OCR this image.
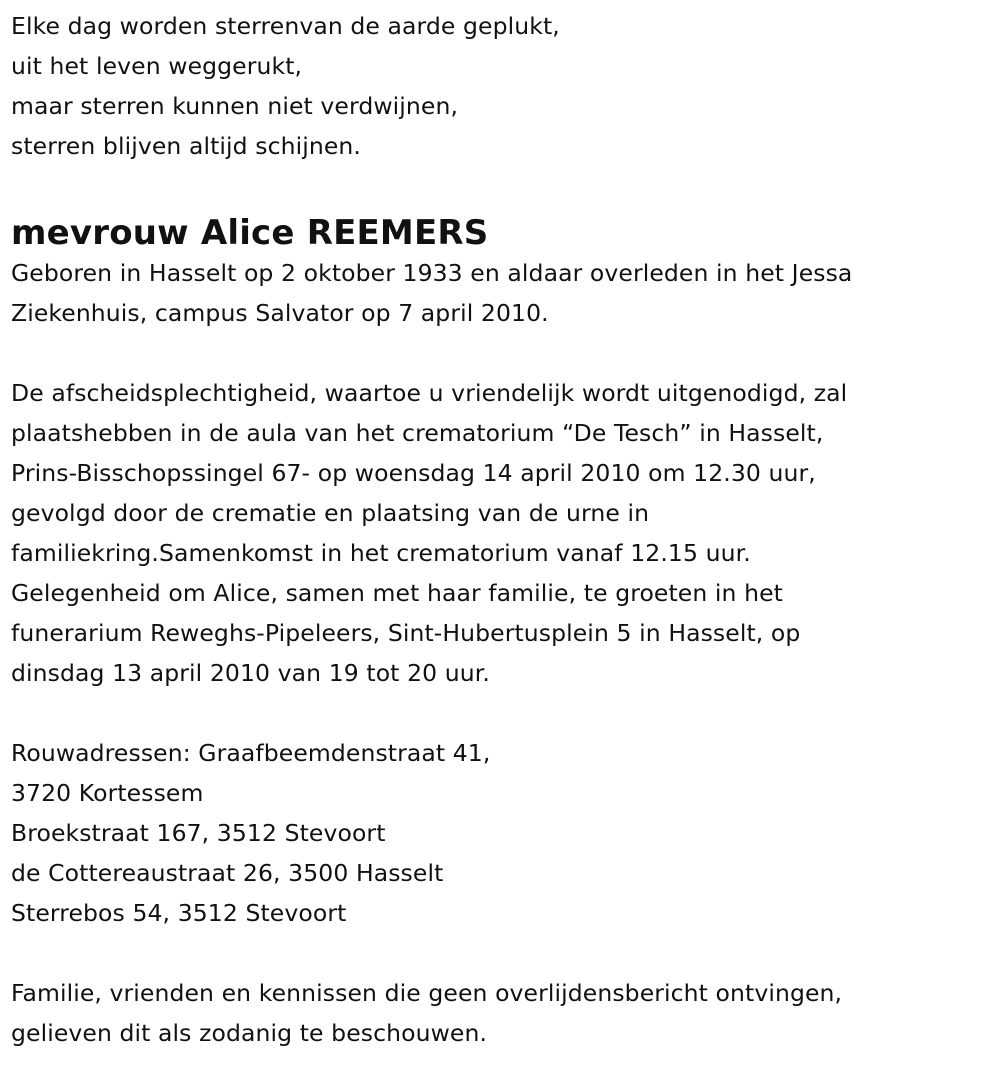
Elke dag worden sterrenvan de aarde geplukt,
uit het leven weggerukt,
maar sterren kunnen niet verdwijnen,
sterren blijven altijd schijnen.
mevrouw Alice REEMERS
Geboren in Hasselt op 2 oktober 1933 en aldaar overleden in het Jessa
Ziekenhuis, campus Salvator op 7 april 2010.
De afscheidsplechtigheid, waartoe u vriendelijk wordt uitgenodigd, zal
plaatshebben in de aula van het crematorium “De Tesch” in Hasselt,
Prins-Bisschopssingel 67- op woensdag 14 april 2010 om 12.30 uur,
gevolgd door de crematie en plaatsing van de urne in
familiekring.Samenkomst in het crematorium vanaf 12.15 uur.
Gelegenheid om Alice, samen met haar familie, te groeten in het
funerarium Reweghs-Pipeleers, Sint-Hubertusplein 5 in Hasselt, op
dinsdag 13 april 2010 van 19 tot 20 uur.
Rouwadressen: Graafbeemdenstraat 41,
3720 Kortessem
Broekstraat 167, 3512 Stevoort
de Cottereaustraat 26, 3500 Hasselt
Sterrebos 54, 3512 Stevoort
Familie, vrienden en kennissen die geen overlijdensbericht ontvingen,
gelieven dit als zodanig te beschouwen.
